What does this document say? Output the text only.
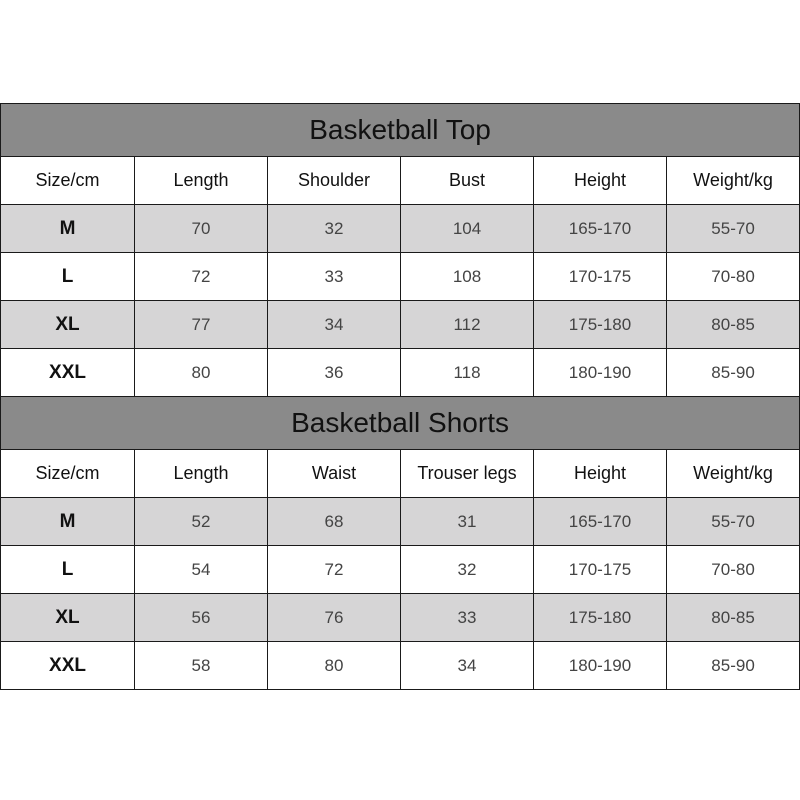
Basketball Top					
Size/cm	Length	Shoulder	Bust	Height	Weight/kg
M	70	32	104	165-170	55-70
L	72	33	108	170-175	70-80
XL	77	34	112	175-180	80-85
XXL	80	36	118	180-190	85-90
Basketball Shorts					
Size/cm	Length	Waist	Trouser legs	Height	Weight/kg
M	52	68	31	165-170	55-70
L	54	72	32	170-175	70-80
XL	56	76	33	175-180	80-85
XXL	58	80	34	180-190	85-90
